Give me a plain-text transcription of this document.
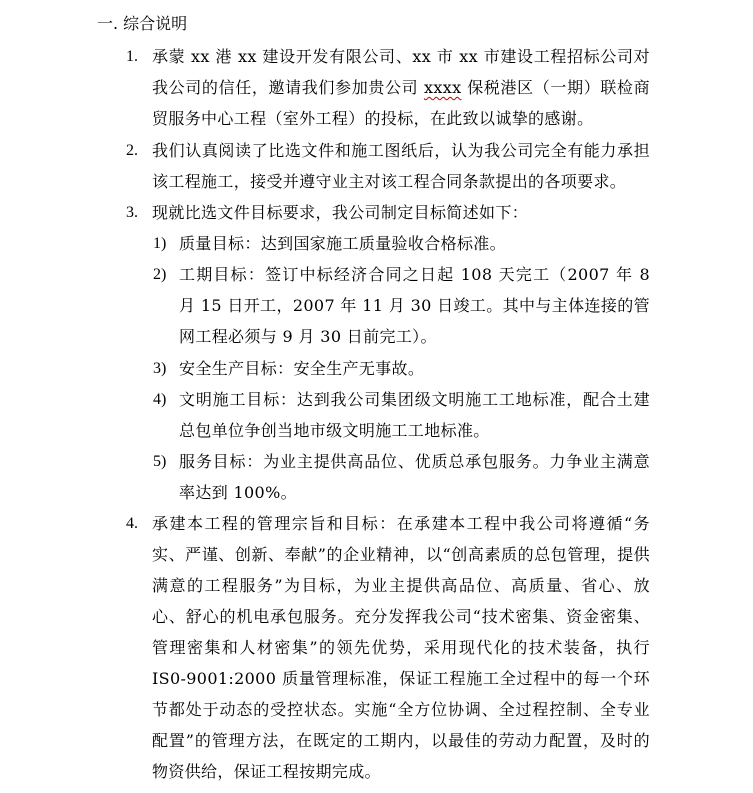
一. 综合说明
1. 承蒙 xx 港 xx 建设开发有限公司、xx 市 xx 市建设工程招标公司对我公司的信任，邀请我们参加贵公司 xxxx 保税港区（一期）联检商贸服务中心工程（室外工程）的投标，在此致以诚挚的感谢。
2. 我们认真阅读了比选文件和施工图纸后，认为我公司完全有能力承担该工程施工，接受并遵守业主对该工程合同条款提出的各项要求。
3. 现就比选文件目标要求，我公司制定目标简述如下：
1) 质量目标：达到国家施工质量验收合格标准。
2) 工期目标：签订中标经济合同之日起 108 天完工（2007 年 8 月 15 日开工，2007 年 11 月 30 日竣工。其中与主体连接的管网工程必须与 9 月 30 日前完工）。
3) 安全生产目标：安全生产无事故。
4) 文明施工目标：达到我公司集团级文明施工工地标准，配合土建总包单位争创当地市级文明施工工地标准。
5) 服务目标：为业主提供高品位、优质总承包服务。力争业主满意率达到 100%。
4. 承建本工程的管理宗旨和目标：在承建本工程中我公司将遵循“务实、严谨、创新、奉献”的企业精神，以“创高素质的总包管理，提供满意的工程服务”为目标，为业主提供高品位、高质量、省心、放心、舒心的机电承包服务。充分发挥我公司“技术密集、资金密集、管理密集和人材密集”的领先优势，采用现代化的技术装备，执行 IS0-9001:2000 质量管理标准，保证工程施工全过程中的每一个环节都处于动态的受控状态。实施“全方位协调、全过程控制、全专业配置”的管理方法，在既定的工期内，以最佳的劳动力配置，及时的物资供给，保证工程按期完成。
